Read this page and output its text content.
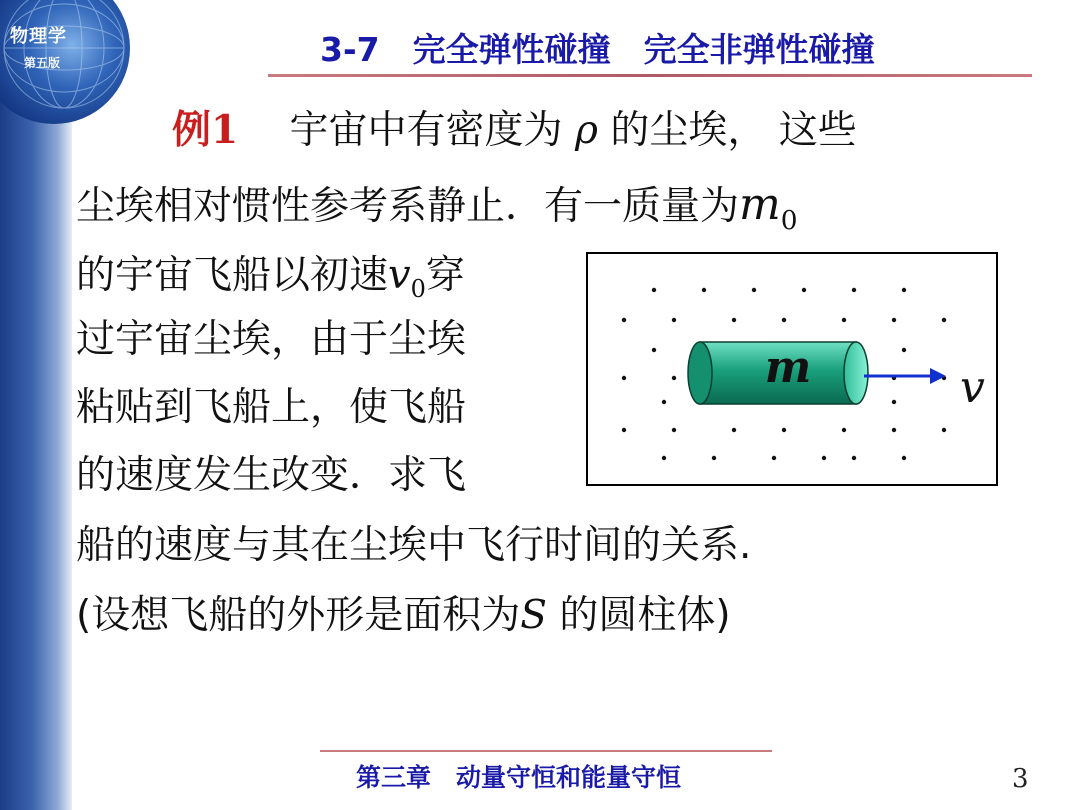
物理学
第五版	3-7　完全弹性碰撞　完全非弹性碰撞
例1　 宇宙中有密度为 ρ 的尘埃， 这些
尘埃相对惯性参考系静止．有一质量为$m_0$
的宇宙飞船以初速$v_0$穿
过宇宙尘埃，由于尘埃
粘贴到飞船上，使飞船
的速度发生改变．求飞
船的速度与其在尘埃中飞行时间的关系.
(设想飞船的外形是面积为S 的圆柱体)
m	v
第三章　动量守恒和能量守恒	3
